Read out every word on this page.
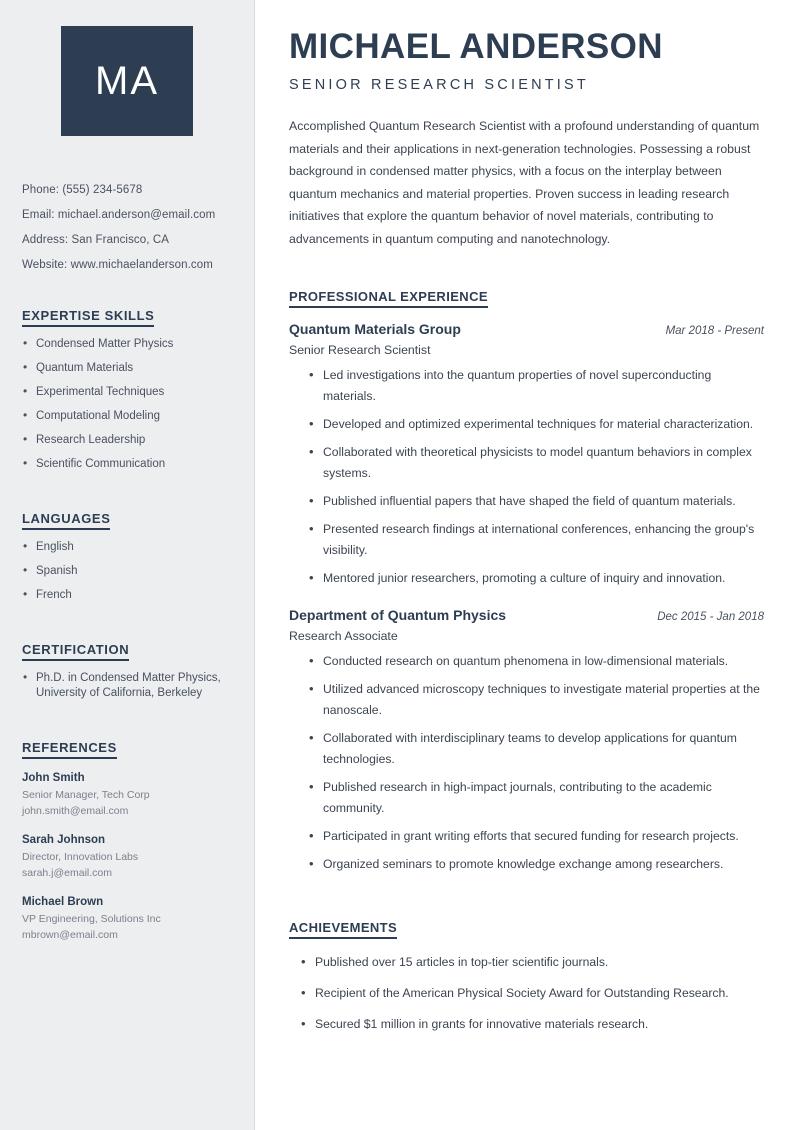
MA
Phone: (555) 234-5678
Email: michael.anderson@email.com
Address: San Francisco, CA
Website: www.michaelanderson.com
EXPERTISE SKILLS
• Condensed Matter Physics
• Quantum Materials
• Experimental Techniques
• Computational Modeling
• Research Leadership
• Scientific Communication
LANGUAGES
• English
• Spanish
• French
CERTIFICATION
• Ph.D. in Condensed Matter Physics, University of California, Berkeley
REFERENCES
John Smith
Senior Manager, Tech Corp
john.smith@email.com
Sarah Johnson
Director, Innovation Labs
sarah.j@email.com
Michael Brown
VP Engineering, Solutions Inc
mbrown@email.com
MICHAEL ANDERSON
SENIOR RESEARCH SCIENTIST

Accomplished Quantum Research Scientist with a profound understanding of quantum materials and their applications in next-generation technologies. Possessing a robust background in condensed matter physics, with a focus on the interplay between quantum mechanics and material properties. Proven success in leading research initiatives that explore the quantum behavior of novel materials, contributing to advancements in quantum computing and nanotechnology.

PROFESSIONAL EXPERIENCE
Quantum Materials Group	Mar 2018 - Present
Senior Research Scientist
• Led investigations into the quantum properties of novel superconducting materials.
• Developed and optimized experimental techniques for material characterization.
• Collaborated with theoretical physicists to model quantum behaviors in complex systems.
• Published influential papers that have shaped the field of quantum materials.
• Presented research findings at international conferences, enhancing the group's visibility.
• Mentored junior researchers, promoting a culture of inquiry and innovation.
Department of Quantum Physics	Dec 2015 - Jan 2018
Research Associate
• Conducted research on quantum phenomena in low-dimensional materials.
• Utilized advanced microscopy techniques to investigate material properties at the nanoscale.
• Collaborated with interdisciplinary teams to develop applications for quantum technologies.
• Published research in high-impact journals, contributing to the academic community.
• Participated in grant writing efforts that secured funding for research projects.
• Organized seminars to promote knowledge exchange among researchers.
ACHIEVEMENTS
• Published over 15 articles in top-tier scientific journals.
• Recipient of the American Physical Society Award for Outstanding Research.
• Secured $1 million in grants for innovative materials research.
